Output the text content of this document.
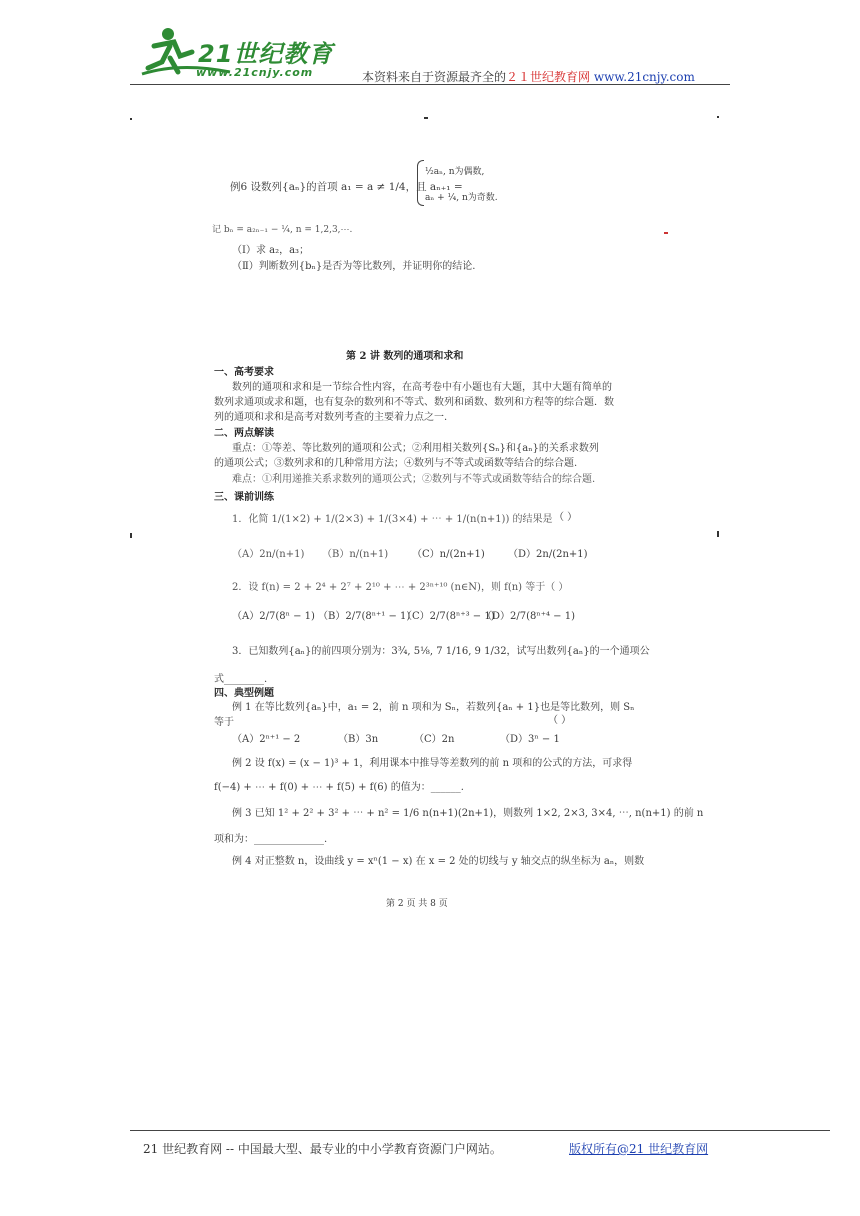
21世纪教育
www.21cnjy.com	本资料来自于资源最齐全的２１世纪教育网 www.21cnjy.com
例6 设数列{aₙ}的首项 a₁ = a ≠ 1/4，且 aₙ₊₁ =
½aₙ, n为偶数,
aₙ + ¼, n为奇数.
记 bₙ = a₂ₙ₋₁ − ¼, n = 1,2,3,⋯.
（Ⅰ）求 a₂，a₃；
（Ⅱ）判断数列{bₙ}是否为等比数列，并证明你的结论.
第 2 讲 数列的通项和求和
一、高考要求
数列的通项和求和是一节综合性内容，在高考卷中有小题也有大题，其中大题有简单的
数列求通项或求和题，也有复杂的数列和不等式、数列和函数、数列和方程等的综合题．数
列的通项和求和是高考对数列考查的主要着力点之一.
二、两点解读
重点：①等差、等比数列的通项和公式；②利用相关数列{Sₙ}和{aₙ}的关系求数列
的通项公式；③数列求和的几种常用方法；④数列与不等式或函数等结合的综合题.
难点：①利用递推关系求数列的通项公式；②数列与不等式或函数等结合的综合题.
三、课前训练
1．化简 1/(1×2) + 1/(2×3) + 1/(3×4) + ⋯ + 1/(n(n+1)) 的结果是 （ ）
（A）2n/(n+1) （B）n/(n+1) （C）n/(2n+1) （D）2n/(2n+1)
2．设 f(n) = 2 + 2⁴ + 2⁷ + 2¹⁰ + ⋯ + 2³ⁿ⁺¹⁰ (n∈N)，则 f(n) 等于（ ）
（A）2/7(8ⁿ − 1) （B）2/7(8ⁿ⁺¹ − 1)
（C）2/7(8ⁿ⁺³ − 1)
（D）2/7(8ⁿ⁺⁴ − 1)
3．已知数列{aₙ}的前四项分别为：3¾, 5⅛, 7 1/16, 9 1/32，试写出数列{aₙ}的一个通项公
式________.
四、典型例题
例 1 在等比数列{aₙ}中，a₁ = 2，前 n 项和为 Sₙ，若数列{aₙ + 1}也是等比数列，则 Sₙ
等于	（ ）
（A）2ⁿ⁺¹ − 2	（B）3n	（C）2n	（D）3ⁿ − 1
例 2 设 f(x) = (x − 1)³ + 1，利用课本中推导等差数列的前 n 项和的公式的方法，可求得
f(−4) + ⋯ + f(0) + ⋯ + f(5) + f(6) 的值为：______.
例 3 已知 1² + 2² + 3² + ⋯ + n² = 1/6 n(n+1)(2n+1)，则数列 1×2, 2×3, 3×4, ⋯, n(n+1) 的前 n
项和为：______________.
例 4 对正整数 n，设曲线 y = xⁿ(1 − x) 在 x = 2 处的切线与 y 轴交点的纵坐标为 aₙ，则数
第 2 页 共 8 页
21 世纪教育网 -- 中国最大型、最专业的中小学教育资源门户网站。	版权所有@21 世纪教育网
